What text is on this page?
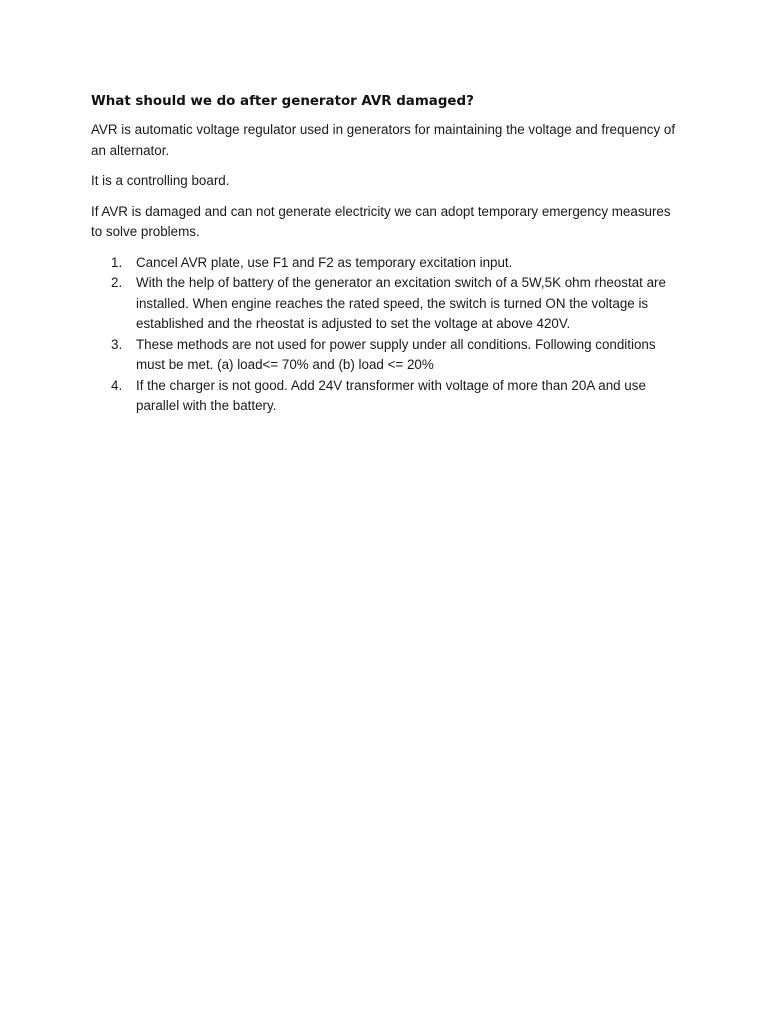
What should we do after generator AVR damaged?

AVR is automatic voltage regulator used in generators for maintaining the voltage and frequency of an alternator.

It is a controlling board.

If AVR is damaged and can not generate electricity we can adopt temporary emergency measures to solve problems.

1.	Cancel AVR plate, use F1 and F2 as temporary excitation input.
2.	With the help of battery of the generator an excitation switch of a 5W,5K ohm rheostat are installed. When engine reaches the rated speed, the switch is turned ON the voltage is established and the rheostat is adjusted to set the voltage at above 420V.
3.	These methods are not used for power supply under all conditions. Following conditions must be met. (a) load<= 70% and (b) load <= 20%
4.	If the charger is not good. Add 24V transformer with voltage of more than 20A and use parallel with the battery.
